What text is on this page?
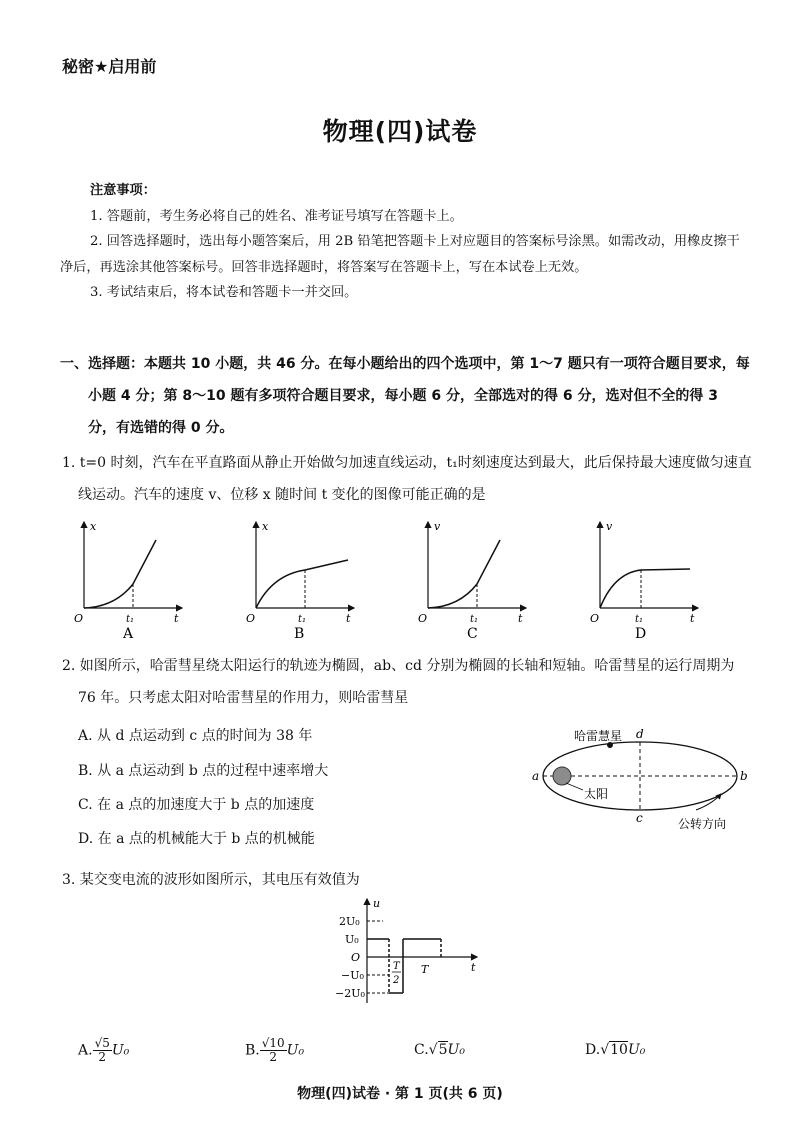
秘密★启用前
物理(四)试卷
注意事项：

1. 答题前，考生务必将自己的姓名、准考证号填写在答题卡上。

2. 回答选择题时，选出每小题答案后，用 2B 铅笔把答题卡上对应题目的答案标号涂黑。如需改动，用橡皮擦干净后，再选涂其他答案标号。回答非选择题时，将答案写在答题卡上，写在本试卷上无效。

3. 考试结束后，将本试卷和答题卡一并交回。

一、选择题：本题共 10 小题，共 46 分。在每小题给出的四个选项中，第 1～7 题只有一项符合题目要求，每小题 4 分；第 8～10 题有多项符合题目要求，每小题 6 分，全部选对的得 6 分，选对但不全的得 3 分，有选错的得 0 分。
1. t=0 时刻，汽车在平直路面从静止开始做匀加速直线运动，t₁时刻速度达到最大，此后保持最大速度做匀速直线运动。汽车的速度 v、位移 x 随时间 t 变化的图像可能正确的是
x
t
O	t₁
A
x
t
O	t₁
B
v
t
O	t₁
C
v
t
O	t₁
D
2. 如图所示，哈雷彗星绕太阳运行的轨迹为椭圆，ab、cd 分别为椭圆的长轴和短轴。哈雷彗星的运行周期为 76 年。只考虑太阳对哈雷彗星的作用力，则哈雷彗星
A. 从 d 点运动到 c 点的时间为 38 年
B. 从 a 点运动到 b 点的过程中速率增大
C. 在 a 点的加速度大于 b 点的加速度
D. 在 a 点的机械能大于 b 点的机械能
哈雷慧星 d
a	b
c
太阳
公转方向
3. 某交变电流的波形如图所示，其电压有效值为
u
t
O
2U₀
U₀
−U₀
−2U₀
T
2
T
A. $\frac{√5}{2} U_0$	B. $\frac{√10}{2} U_0$	C.√5U₀	D.√10U₀
物理(四)试卷 · 第 1 页(共 6 页)
